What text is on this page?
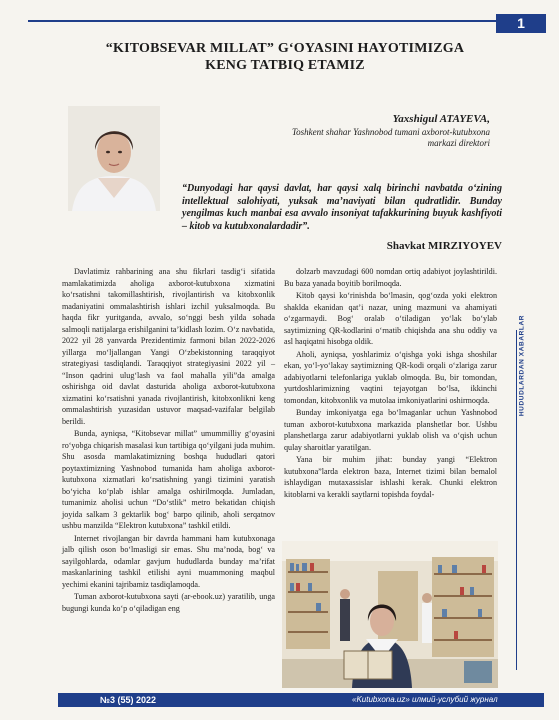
1
“KITOBSEVAR MILLAT” G‘OYASINI HAYOTIMIZGA
KENG TATBIQ ETAMIZ
Yaxshigul ATAYEVA,
Toshkent shahar Yashnobod tumani axborot-kutubxona markazi direktori
“Dunyodagi har qaysi davlat, har qaysi xalq birinchi navbatda o‘zining intellektual salohiyati, yuksak ma’naviyati bilan qudratlidir. Bunday yengilmas kuch manbai esa avvalo insoniyat tafakkurining buyuk kashfiyoti – kitob va kutubxonalardadir”.
Shavkat MIRZIYOYEV

Davlatimiz rahbarining ana shu fikrlari tasdig‘i sifatida mamlakatimizda aholiga axborot-kutubxona xizmatini ko‘rsatishni takomillashtirish, rivojlantirish va kitobxonlik madaniyatini ommalashtirish ishlari izchil yuksalmoqda. Bu haqda fikr yuritganda, avvalo, so‘nggi besh yilda sohada salmoqli natijalarga erishilganini ta’kidlash lozim. O‘z navbatida, 2022 yil 28 yanvarda Prezidentimiz farmoni bilan 2022-2026 yillarga mo‘ljallangan Yangi O‘zbekistonning taraqqiyot strategiyasi tasdiqlandi. Taraqqiyot strategiyasini 2022 yil – “Inson qadrini ulug‘lash va faol mahalla yili”da amalga oshirishga oid davlat dasturida aholiga axborot-kutubxona xizmatini ko‘rsatishni yanada rivojlantirish, kitobxonlikni keng ommalashtirish yuzasidan ustuvor maqsad-vazifalar belgilab berildi.

Bunda, ayniqsa, “Kitobsevar millat” umummilliy g‘oyasini ro‘yobga chiqarish masalasi kun tartibiga qo‘yilgani juda muhim. Shu asosda mamlakatimizning boshqa hududlari qatori poytaxtimizning Yashnobod tumanida ham aholiga axborot-kutubxona xizmatlari ko‘rsatishning yangi tizimini yaratish bo‘yicha ko‘plab ishlar amalga oshirilmoqda. Jumladan, tumanimiz aholisi uchun “Do‘stlik” metro bekatidan chiqish joyida salkam 3 gektarlik bog‘ barpo qilinib, aholi serqatnov ushbu manzilda “Elektron kutubxona” tashkil etildi.

Internet rivojlangan bir davrda hammani ham kutubxonaga jalb qilish oson bo‘lmasligi sir emas. Shu ma’noda, bog‘ va sayilgohlarda, odamlar gavjum hududlarda bunday ma’rifat maskanlarining tashkil etilishi ayni muammoning maqbul yechimi ekanini tajribamiz tasdiqlamoqda.

Tuman axborot-kutubxona sayti (ar-ebook.uz) yaratilib, unga bugungi kunda ko‘p o‘qiladigan eng

dolzarb mavzudagi 600 nomdan ortiq adabiyot joylashtirildi. Bu baza yanada boyitib borilmoqda.

Kitob qaysi ko‘rinishda bo‘lmasin, qog‘ozda yoki elektron shaklda ekanidan qat’i nazar, uning mazmuni va ahamiyati o‘zgarmaydi. Bog‘ oralab o‘tiladigan yo‘lak bo‘ylab saytimizning QR-kodlarini o‘rnatib chiqishda ana shu oddiy va asl haqiqatni hisobga oldik.

Aholi, ayniqsa, yoshlarimiz o‘qishga yoki ishga shoshilar ekan, yo‘l-yo‘lakay saytimizning QR-kodi orqali o‘zlariga zarur adabiyotlarni telefonlariga yuklab olmoqda. Bu, bir tomondan, yurtdoshlarimizning vaqtini tejayotgan bo‘lsa, ikkinchi tomondan, kitobxonlik va mutolaa imkoniyatlarini oshirmoqda.

Bunday imkoniyatga ega bo‘lmaganlar uchun Yashnobod tuman axborot-kutubxona markazida planshetlar bor. Ushbu planshetlarga zarur adabiyotlarni yuklab olish va o‘qish uchun qulay sharoitlar yaratilgan.

Yana bir muhim jihat: bunday yangi “Elektron kutubxona”larda elektron baza, Internet tizimi bilan bemalol ishlaydigan mutaxassislar ishlashi kerak. Chunki elektron kitoblarni va kerakli saytlarni topishda foydal-

HUDUDLARDAN XABARLAR
№3 (55) 2022	«Kutubxona.uz» илмий-услубий журнал
